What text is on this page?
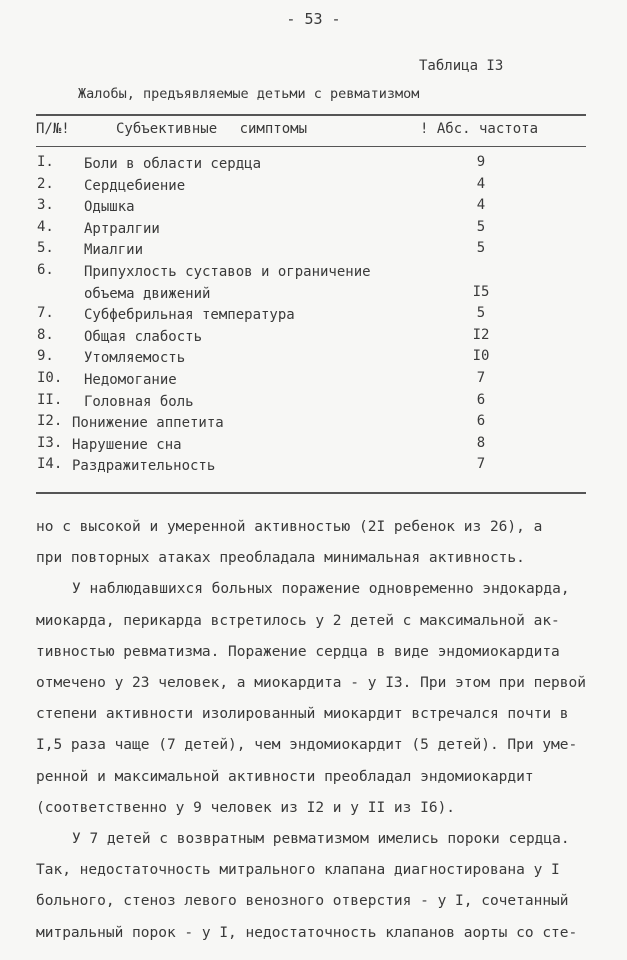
- 53 -
Таблица I3
Жалобы, предъявляемые детьми с ревматизмом
П/№!	Субъективные симптомы	! Абс. частота
I. Боли в области сердца	9
2. Сердцебиение	4
3. Одышка	4
4. Артралгии	5
5. Миалгии	5
6. Припухлость суставов и ограничение
объема движений	I5
7. Субфебрильная температура	5
8. Общая слабость	I2
9. Утомляемость	I0
I0. Недомогание	7
II. Головная боль	6
I2. Понижение аппетита	6
I3. Нарушение сна	8
I4. Раздражительность	7

но с высокой и умеренной активностью (2I ребенок из 26), а
при повторных атаках преобладала минимальная активность.

У наблюдавшихся больных поражение одновременно эндокарда,
миокарда, перикарда встретилось у 2 детей с максимальной ак-
тивностью ревматизма. Поражение сердца в виде эндомиокардита
отмечено у 23 человек, а миокардита - у I3. При этом при первой
степени активности изолированный миокардит встречался почти в
I,5 раза чаще (7 детей), чем эндомиокардит (5 детей). При уме-
ренной и максимальной активности преобладал эндомиокардит
(соответственно у 9 человек из I2 и у II из I6).

У 7 детей с возвратным ревматизмом имелись пороки сердца.
Так, недостаточность митрального клапана диагностирована у I
больного, стеноз левого венозного отверстия - у I, сочетанный
митральный порок - у I, недостаточность клапанов аорты со сте-
